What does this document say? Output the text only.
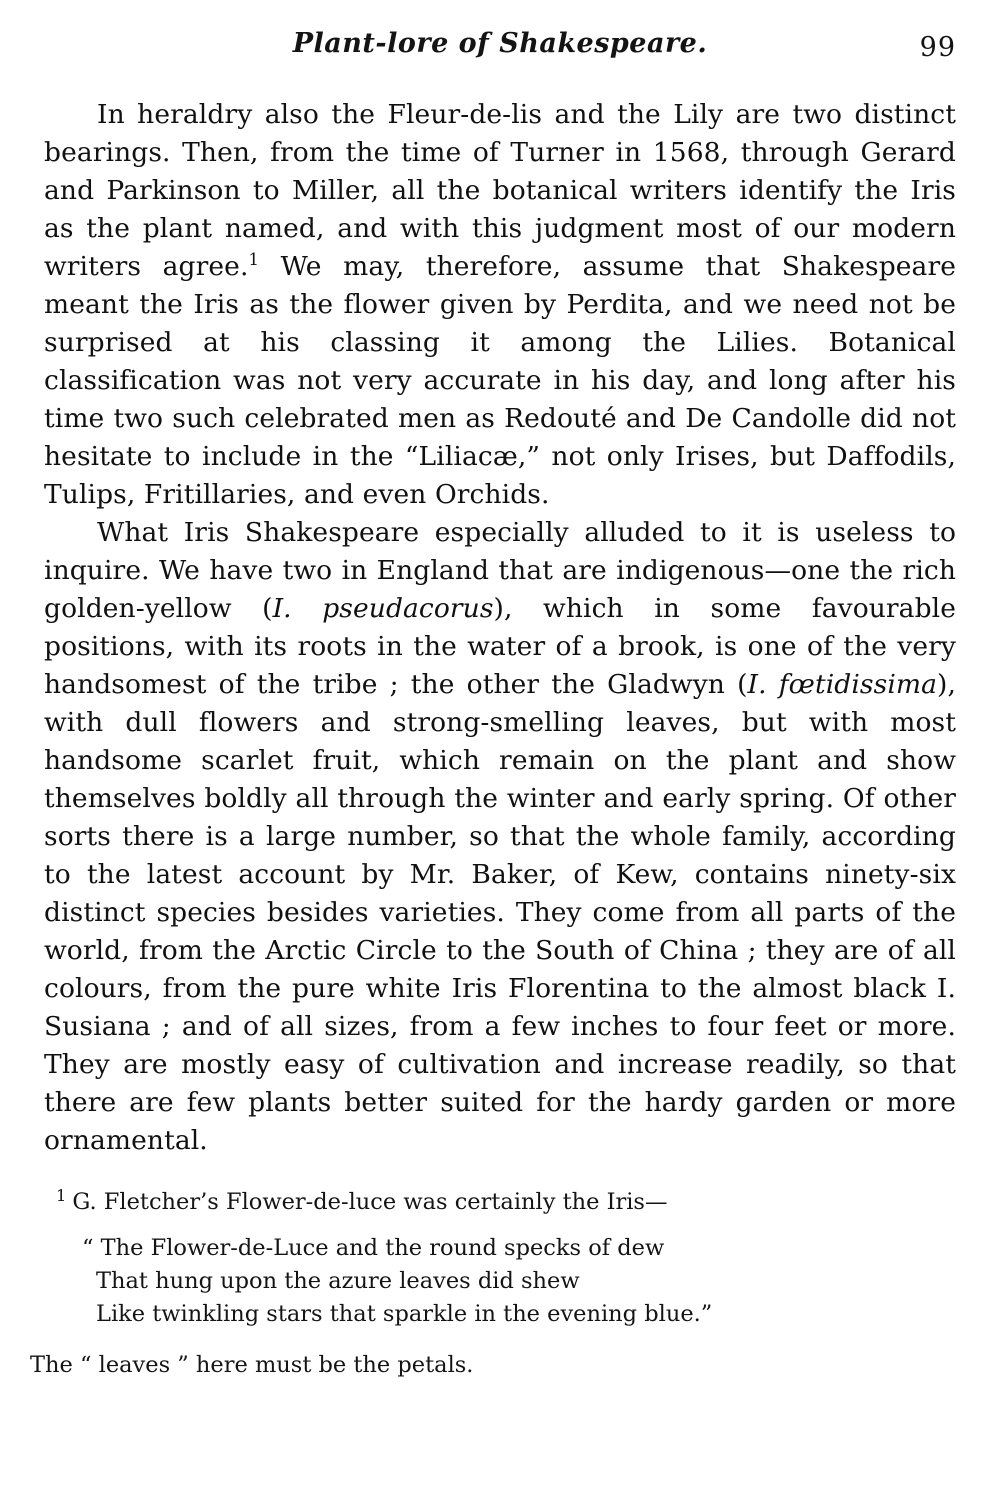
Plant-lore of Shakespeare.	99

In heraldry also the Fleur-de-lis and the Lily are two distinct bearings. Then, from the time of Turner in 1568, through Gerard and Parkinson to Miller, all the botanical writers identify the Iris as the plant named, and with this judgment most of our modern writers agree.$^1$ We may, therefore, assume that Shakespeare meant the Iris as the flower given by Perdita, and we need not be surprised at his classing it among the Lilies. Botanical classification was not very accurate in his day, and long after his time two such celebrated men as Redouté and De Candolle did not hesitate to include in the “Liliacæ,” not only Irises, but Daffodils, Tulips, Fritillaries, and even Orchids.

What Iris Shakespeare especially alluded to it is useless to inquire. We have two in England that are indigenous—one the rich golden-yellow (I. pseudacorus), which in some favourable positions, with its roots in the water of a brook, is one of the very handsomest of the tribe ; the other the Gladwyn (I. fœtidissima), with dull flowers and strong-smelling leaves, but with most handsome scarlet fruit, which remain on the plant and show themselves boldly all through the winter and early spring. Of other sorts there is a large number, so that the whole family, according to the latest account by Mr. Baker, of Kew, contains ninety-six distinct species besides varieties. They come from all parts of the world, from the Arctic Circle to the South of China ; they are of all colours, from the pure white Iris Florentina to the almost black I. Susiana ; and of all sizes, from a few inches to four feet or more. They are mostly easy of cultivation and increase readily, so that there are few plants better suited for the hardy garden or more ornamental.

$^1$ G. Fletcher’s Flower-de-luce was certainly the Iris—
“ The Flower-de-Luce and the round specks of dew
That hung upon the azure leaves did shew
Like twinkling stars that sparkle in the evening blue.”
The “ leaves ” here must be the petals.
